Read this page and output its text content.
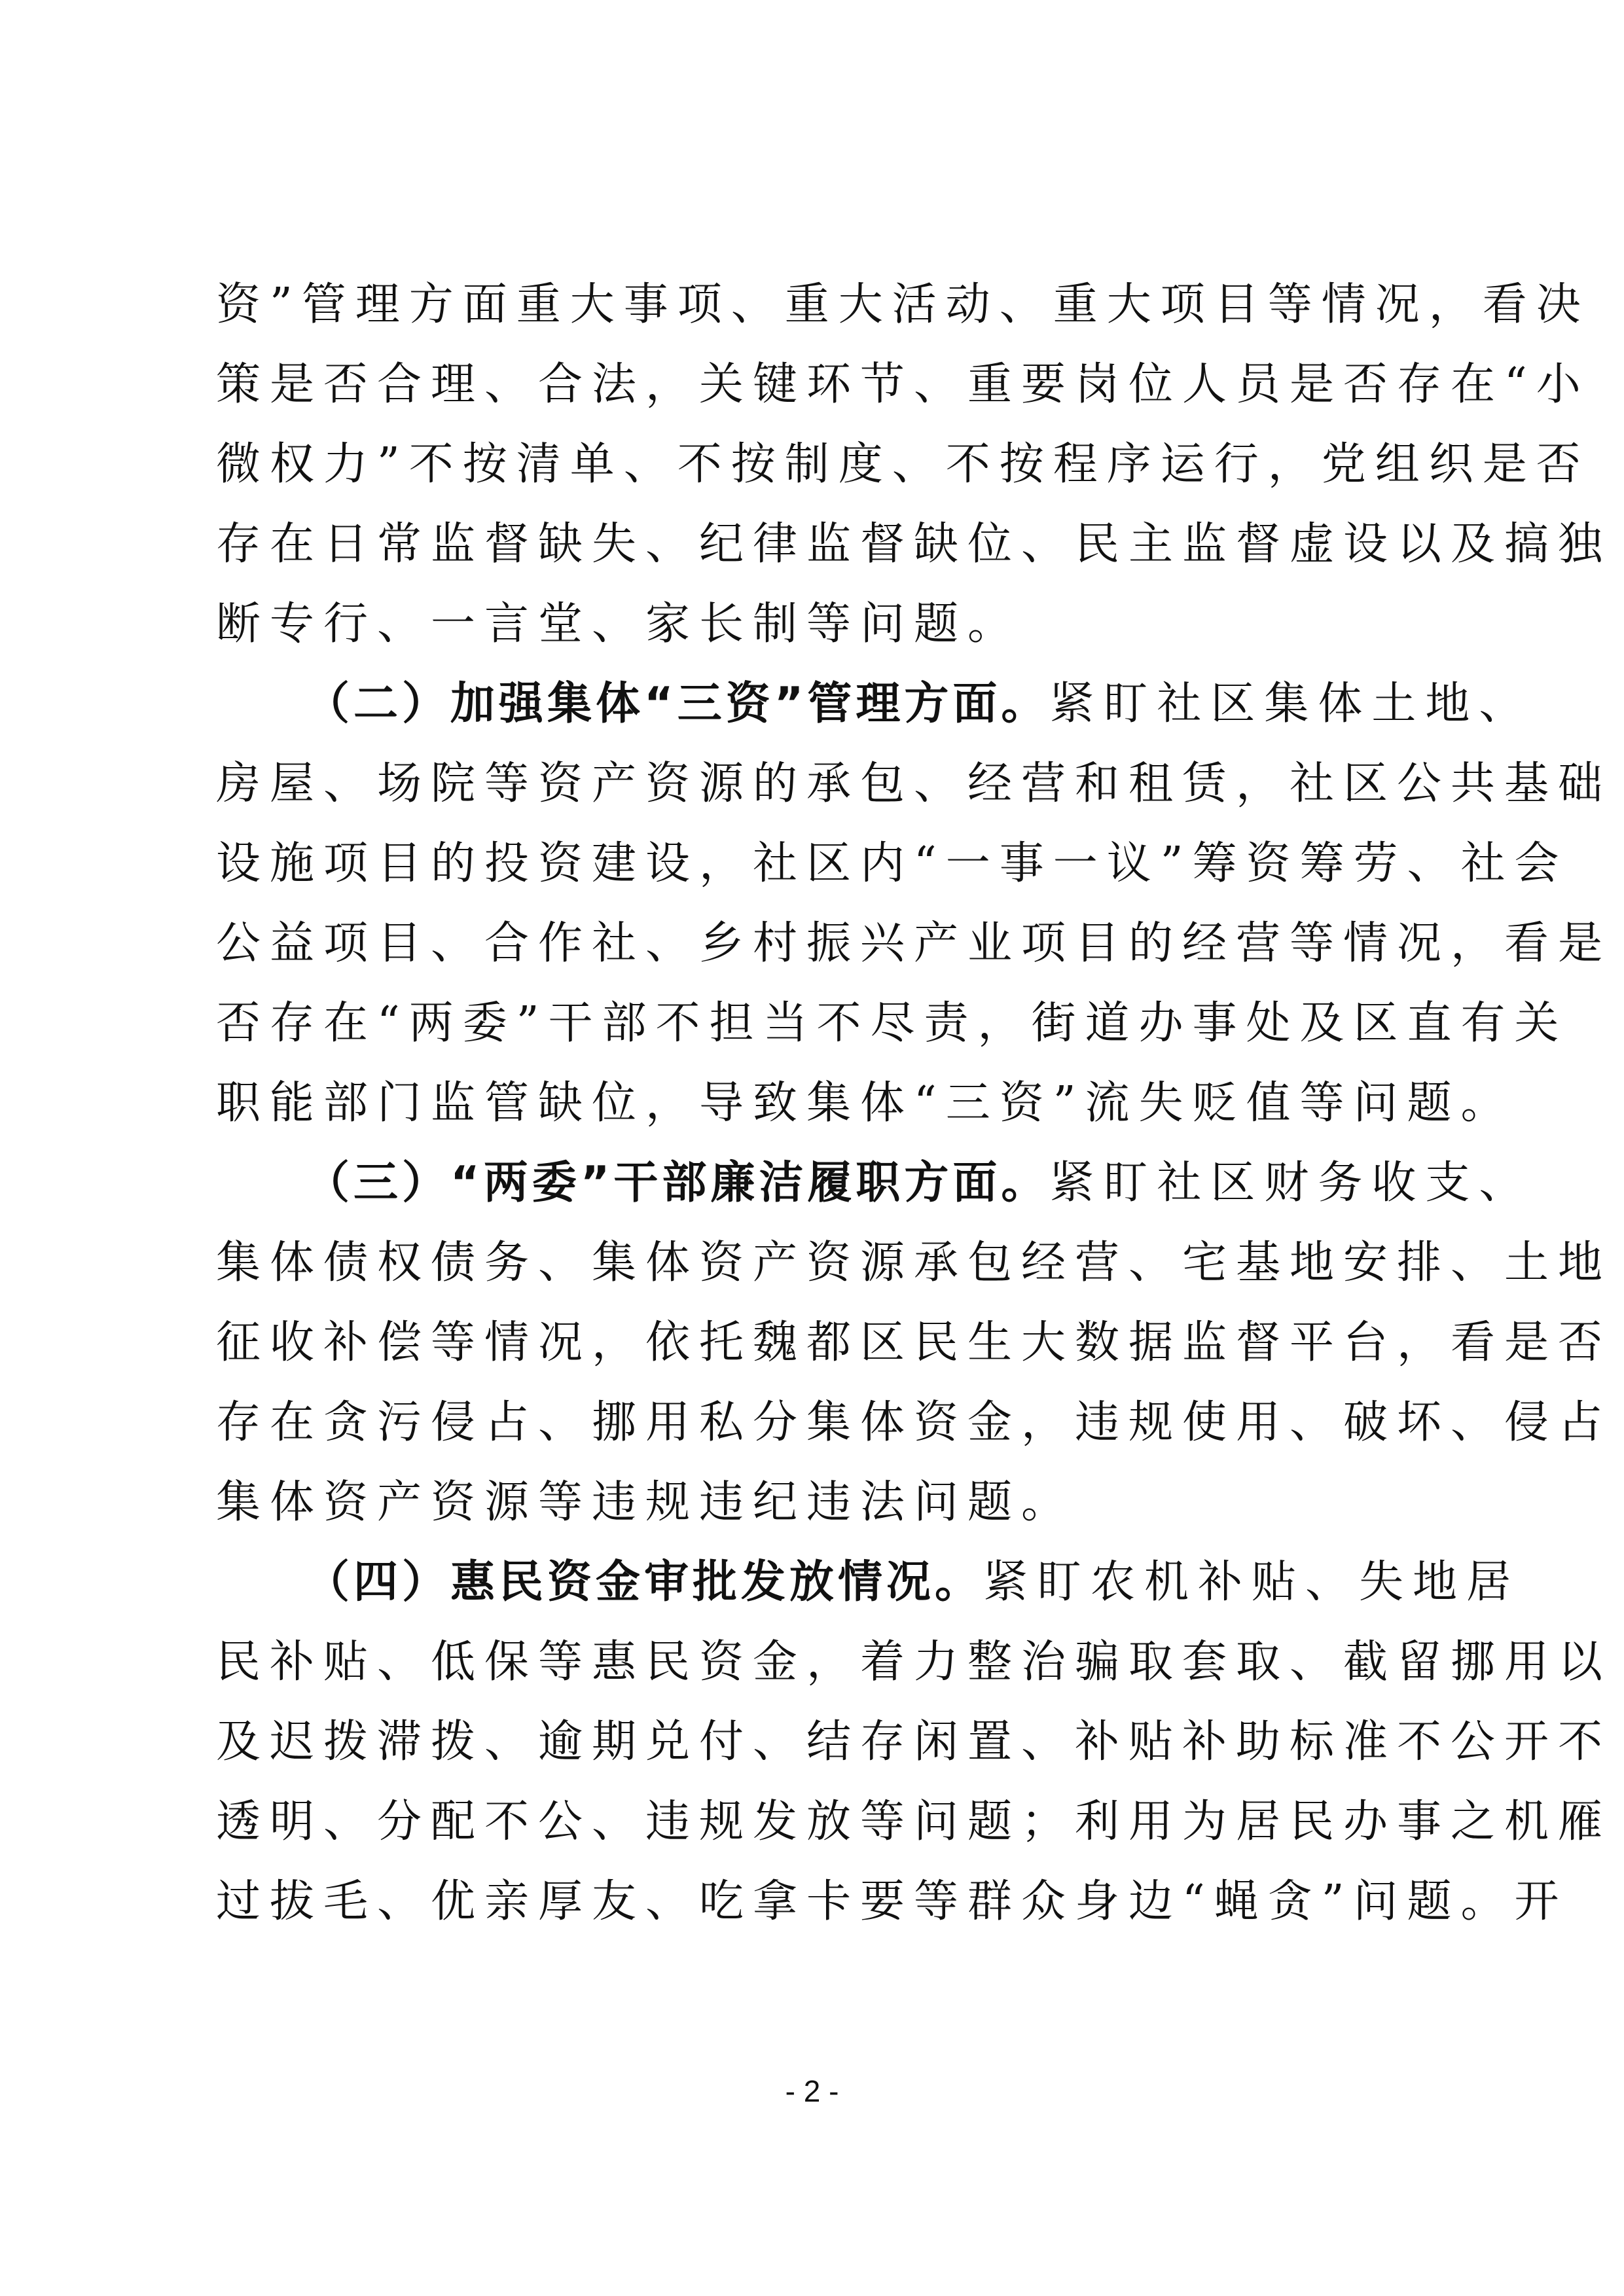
资”管理方面重大事项、重大活动、重大项目等情况，看决
策是否合理、合法，关键环节、重要岗位人员是否存在“小
微权力”不按清单、不按制度、不按程序运行，党组织是否
存在日常监督缺失、纪律监督缺位、民主监督虚设以及搞独
断专行、一言堂、家长制等问题。
（二）加强集体“三资”管理方面。紧盯社区集体土地、
房屋、场院等资产资源的承包、经营和租赁，社区公共基础
设施项目的投资建设，社区内“一事一议”筹资筹劳、社会
公益项目、合作社、乡村振兴产业项目的经营等情况，看是
否存在“两委”干部不担当不尽责，街道办事处及区直有关
职能部门监管缺位，导致集体“三资”流失贬值等问题。
（三）“两委”干部廉洁履职方面。紧盯社区财务收支、
集体债权债务、集体资产资源承包经营、宅基地安排、土地
征收补偿等情况，依托魏都区民生大数据监督平台，看是否
存在贪污侵占、挪用私分集体资金，违规使用、破坏、侵占
集体资产资源等违规违纪违法问题。
（四）惠民资金审批发放情况。紧盯农机补贴、失地居
民补贴、低保等惠民资金，着力整治骗取套取、截留挪用以
及迟拨滞拨、逾期兑付、结存闲置、补贴补助标准不公开不
透明、分配不公、违规发放等问题；利用为居民办事之机雁
过拔毛、优亲厚友、吃拿卡要等群众身边“蝇贪”问题。开
- 2 -
